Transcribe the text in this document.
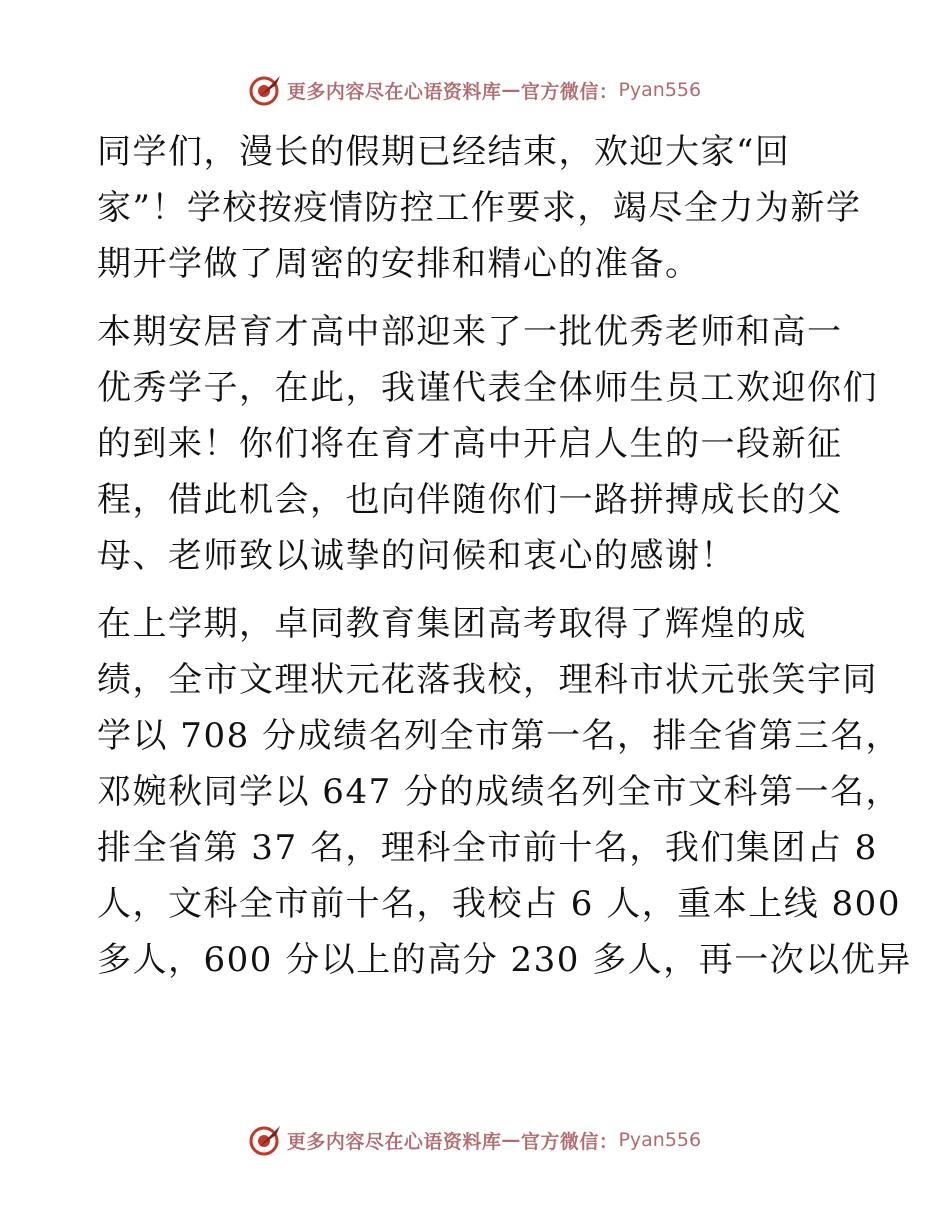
更多内容尽在心语资料库 — 官方微信： Pyan556
同学们，漫长的假期已经结束，欢迎大家“回
家”！学校按疫情防控工作要求，竭尽全力为新学
期开学做了周密的安排和精心的准备。
本期安居育才高中部迎来了一批优秀老师和高一
优秀学子，在此，我谨代表全体师生员工欢迎你们
的到来！你们将在育才高中开启人生的一段新征
程，借此机会，也向伴随你们一路拼搏成长的父
母、老师致以诚挚的问候和衷心的感谢！
在上学期，卓同教育集团高考取得了辉煌的成
绩，全市文理状元花落我校，理科市状元张笑宇同
学以 708 分成绩名列全市第一名，排全省第三名，
邓婉秋同学以 647 分的成绩名列全市文科第一名，
排全省第 37 名，理科全市前十名，我们集团占 8
人，文科全市前十名，我校占 6 人，重本上线 800
多人，600 分以上的高分 230 多人，再一次以优异
更多内容尽在心语资料库 — 官方微信： Pyan556
